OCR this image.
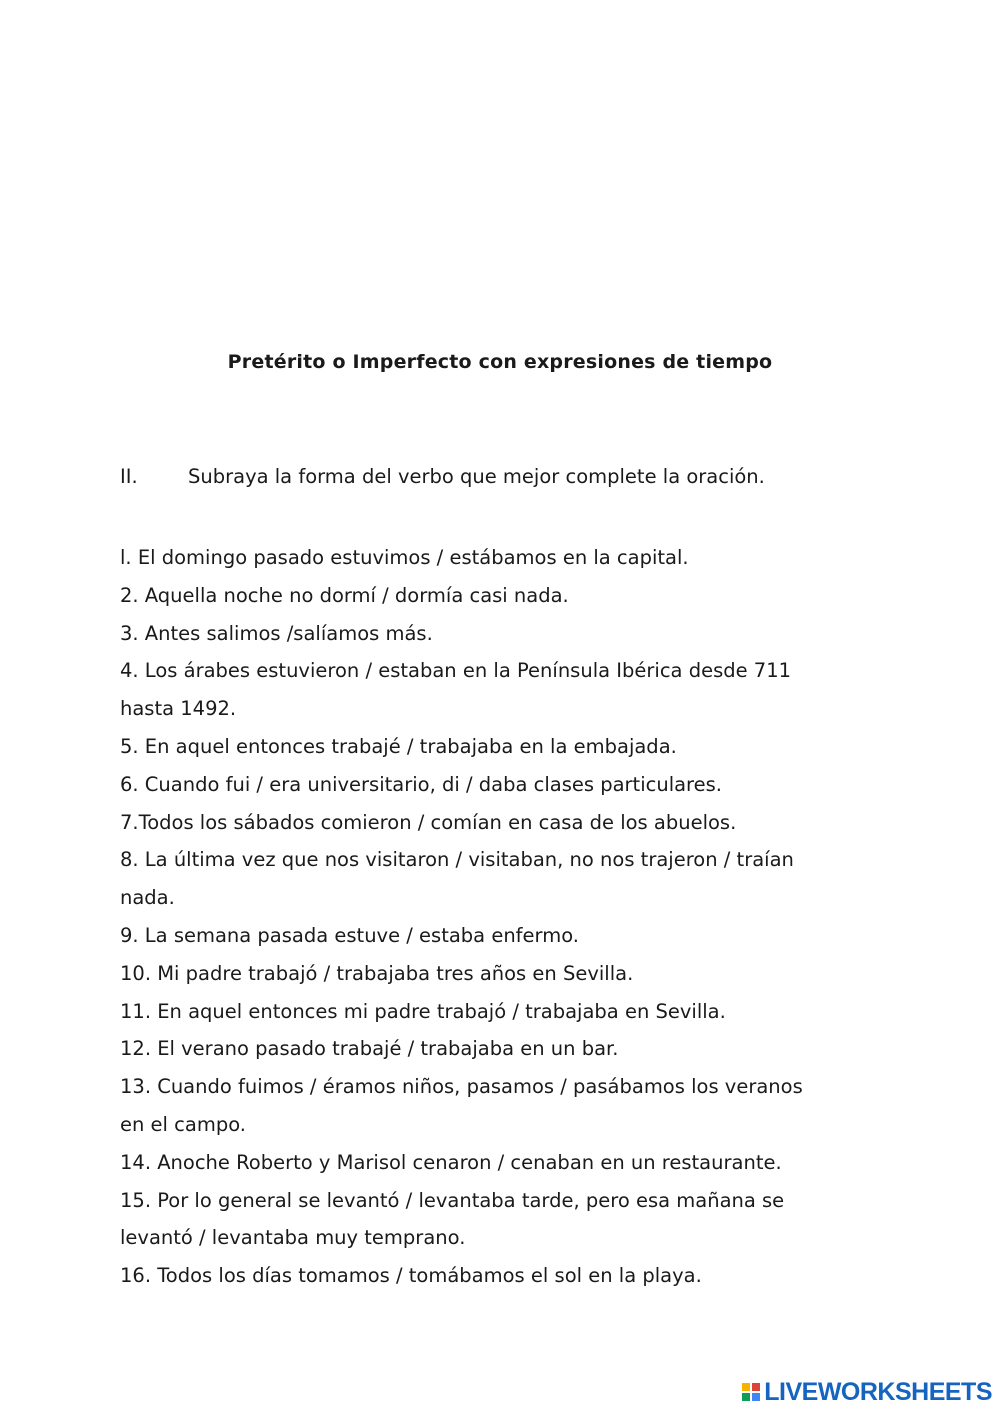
Pretérito o Imperfecto con expresiones de tiempo
II.	Subraya la forma del verbo que mejor complete la oración.
l. El domingo pasado estuvimos / estábamos en la capital.
2. Aquella noche no dormí / dormía casi nada.
3. Antes salimos /salíamos más.
4. Los árabes estuvieron / estaban en la Península Ibérica desde 711
hasta 1492.
5. En aquel entonces trabajé / trabajaba en la embajada.
6. Cuando fui / era universitario, di / daba clases particulares.
7.Todos los sábados comieron / comían en casa de los abuelos.
8. La última vez que nos visitaron / visitaban, no nos trajeron / traían
nada.
9. La semana pasada estuve / estaba enfermo.
10. Mi padre trabajó / trabajaba tres años en Sevilla.
11. En aquel entonces mi padre trabajó / trabajaba en Sevilla.
12. El verano pasado trabajé / trabajaba en un bar.
13. Cuando fuimos / éramos niños, pasamos / pasábamos los veranos
en el campo.
14. Anoche Roberto y Marisol cenaron / cenaban en un restaurante.
15. Por lo general se levantó / levantaba tarde, pero esa mañana se
levantó / levantaba muy temprano.
16. Todos los días tomamos / tomábamos el sol en la playa.
LIVEWORKSHEETS
